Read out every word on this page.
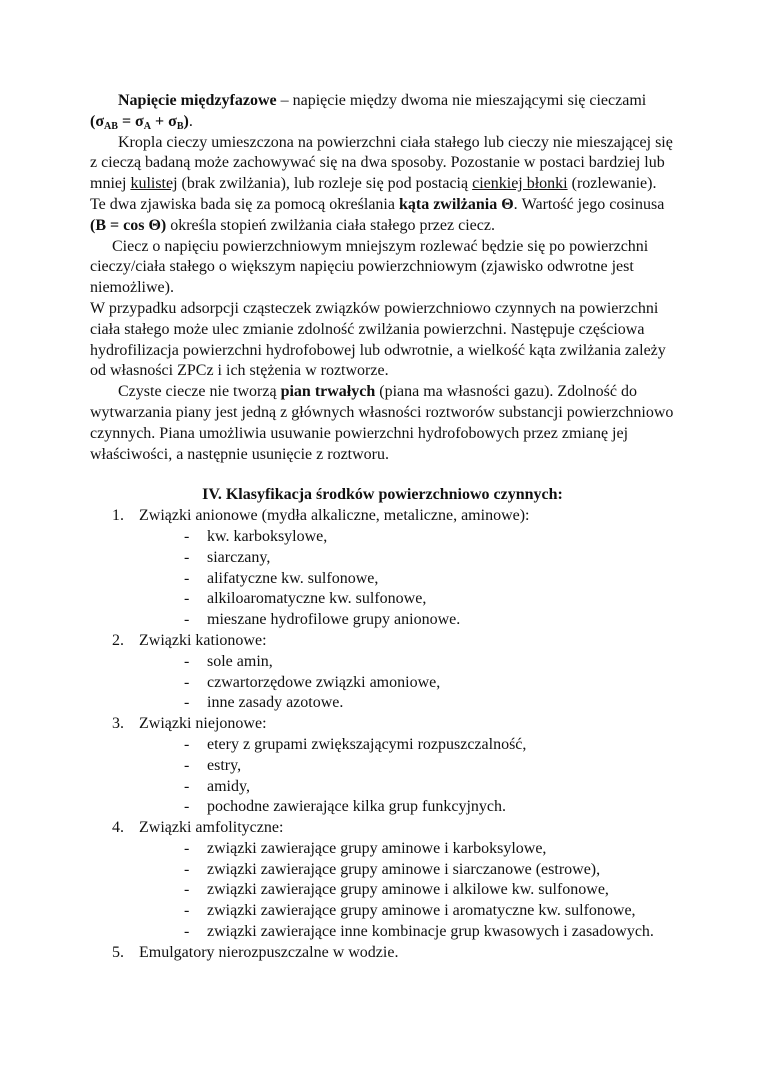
Napięcie międzyfazowe – napięcie między dwoma nie mieszającymi się cieczami $(\sigma_{AB} = \sigma_A + \sigma_B)$.

Kropla cieczy umieszczona na powierzchni ciała stałego lub cieczy nie mieszającej się z cieczą badaną może zachowywać się na dwa sposoby. Pozostanie w postaci bardziej lub mniej kulistej (brak zwilżania), lub rozleje się pod postacią cienkiej błonki (rozlewanie). Te dwa zjawiska bada się za pomocą określania kąta zwilżania Θ. Wartość jego cosinusa (B = cos Θ) określa stopień zwilżania ciała stałego przez ciecz.

Ciecz o napięciu powierzchniowym mniejszym rozlewać będzie się po powierzchni cieczy/ciała stałego o większym napięciu powierzchniowym (zjawisko odwrotne jest niemożliwe).

W przypadku adsorpcji cząsteczek związków powierzchniowo czynnych na powierzchni ciała stałego może ulec zmianie zdolność zwilżania powierzchni. Następuje częściowa hydrofilizacja powierzchni hydrofobowej lub odwrotnie, a wielkość kąta zwilżania zależy od własności ZPCz i ich stężenia w roztworze.

Czyste ciecze nie tworzą pian trwałych (piana ma własności gazu). Zdolność do wytwarzania piany jest jedną z głównych własności roztworów substancji powierzchniowo czynnych. Piana umożliwia usuwanie powierzchni hydrofobowych przez zmianę jej właściwości, a następnie usunięcie z roztworu.

IV. Klasyfikacja środków powierzchniowo czynnych:

1. Związki anionowe (mydła alkaliczne, metaliczne, aminowe):
- kw. karboksylowe,
- siarczany,
- alifatyczne kw. sulfonowe,
- alkiloaromatyczne kw. sulfonowe,
- mieszane hydrofilowe grupy anionowe.
2. Związki kationowe:
- sole amin,
- czwartorzędowe związki amoniowe,
- inne zasady azotowe.
3. Związki niejonowe:
- etery z grupami zwiększającymi rozpuszczalność,
- estry,
- amidy,
- pochodne zawierające kilka grup funkcyjnych.
4. Związki amfolityczne:
- związki zawierające grupy aminowe i karboksylowe,
- związki zawierające grupy aminowe i siarczanowe (estrowe),
- związki zawierające grupy aminowe i alkilowe kw. sulfonowe,
- związki zawierające grupy aminowe i aromatyczne kw. sulfonowe,
- związki zawierające inne kombinacje grup kwasowych i zasadowych.
5. Emulgatory nierozpuszczalne w wodzie.
